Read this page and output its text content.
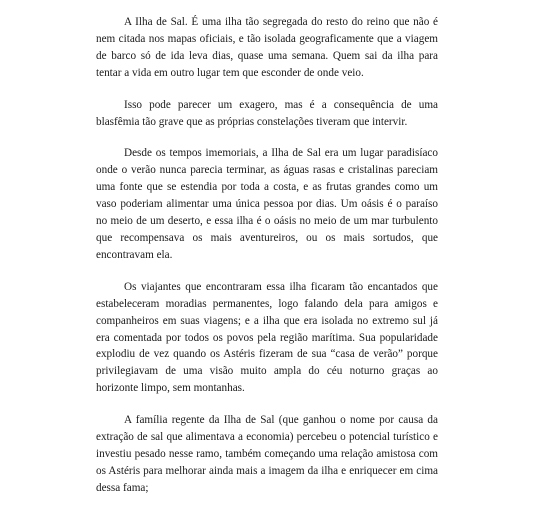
A Ilha de Sal. É uma ilha tão segregada do resto do reino que não é nem citada nos mapas oficiais, e tão isolada geograficamente que a viagem de barco só de ida leva dias, quase uma semana. Quem sai da ilha para tentar a vida em outro lugar tem que esconder de onde veio.

Isso pode parecer um exagero, mas é a consequência de uma blasfêmia tão grave que as próprias constelações tiveram que intervir.

Desde os tempos imemoriais, a Ilha de Sal era um lugar paradisíaco onde o verão nunca parecia terminar, as águas rasas e cristalinas pareciam uma fonte que se estendia por toda a costa, e as frutas grandes como um vaso poderiam alimentar uma única pessoa por dias. Um oásis é o paraíso no meio de um deserto, e essa ilha é o oásis no meio de um mar turbulento que recompensava os mais aventureiros, ou os mais sortudos, que encontravam ela.

Os viajantes que encontraram essa ilha ficaram tão encantados que estabeleceram moradias permanentes, logo falando dela para amigos e companheiros em suas viagens; e a ilha que era isolada no extremo sul já era comentada por todos os povos pela região marítima. Sua popularidade explodiu de vez quando os Astéris fizeram de sua “casa de verão” porque privilegiavam de uma visão muito ampla do céu noturno graças ao horizonte limpo, sem montanhas.

A família regente da Ilha de Sal (que ganhou o nome por causa da extração de sal que alimentava a economia) percebeu o potencial turístico e investiu pesado nesse ramo, também começando uma relação amistosa com os Astéris para melhorar ainda mais a imagem da ilha e enriquecer em cima dessa fama;
